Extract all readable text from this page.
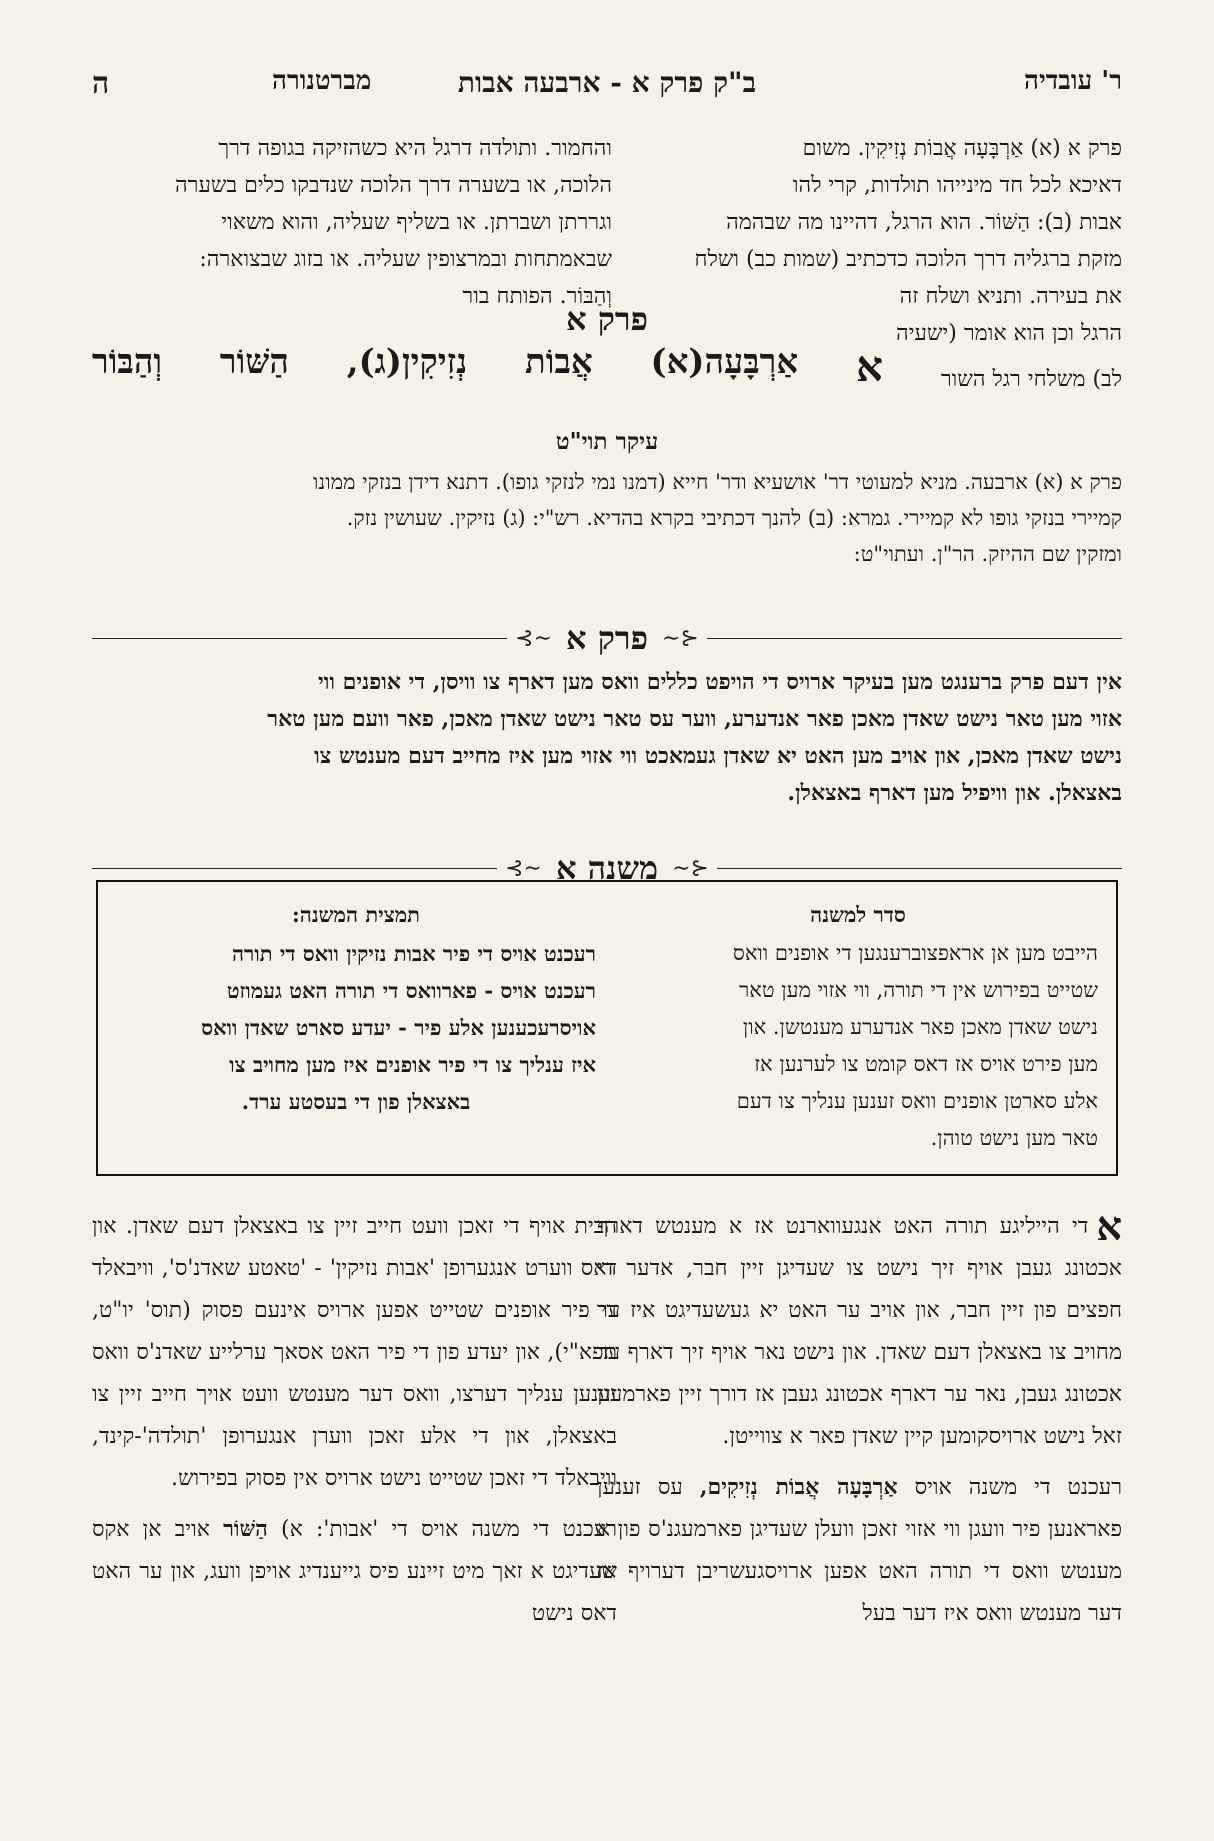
ר' עובדיה
ב"ק פרק א - ארבעה אבות
מברטנורה
ה

פרק א (א) אַרְבָּעָה אֲבוֹת נְזִיקִין. משום

דאיכא לכל חד מינייהו תולדות, קרי להו

אבות (ב): הַשּׁוֹר. הוא הרגל, דהיינו מה שבהמה

מזקת ברגליה דרך הלוכה כדכתיב (שמות כב) ושלח

את בעירה. ותניא ושלח זה

הרגל וכן הוא אומר (ישעיה

והחמור. ותולדה דרגל היא כשהזיקה בגופה דרך

הלוכה, או בשערה דרך הלוכה שנדבקו כלים בשערה

וגררתן ושברתן. או בשליף שעליה, והוא משאוי

שבאמתחות ובמרצופין שעליה. או בזוג שבצוארה:

וְהַבּוֹר. הפותח בור

פרק א
לב) משלחי רגל השור
א
אַרְבָּעָה(א)
אֲבוֹת
נְזִיקִין(ג),
הַשּׁוֹר
וְהַבּוֹר
עיקר תוי"ט

פרק א (א) ארבעה. מניא למעוטי דר' אושעיא ודר' חייא (דמנו נמי לנזקי גופו). דתנא דידן בנזקי ממונו

קמיירי בנזקי גופו לא קמיירי. גמרא: (ב) להנך דכתיבי בקרא בהדיא. רש"י: (ג) נזיקין. שעושין נזק.

ומזקין שם ההיזק. הר"ן. ועתוי"ט:

⊰∽
פרק א
∽⊱

אין דעם פרק ברענגט מען בעיקר ארויס די הויפט כללים וואס מען דארף צו וויסן, די אופנים ווי

אזוי מען טאר נישט שאדן מאכן פאר אנדערע, ווער עס טאר נישט שאדן מאכן, פאר וועם מען טאר

נישט שאדן מאכן, און אויב מען האט יא שאדן געמאכט ווי אזוי מען איז מחייב דעם מענטש צו

באצאלן. און וויפיל מען דארף באצאלן.

⊰∽
משנה א
∽⊱
סדר למשנה

הייבט מען אן אראפצוברענגען די אופנים וואס

שטייט בפירוש אין די תורה, ווי אזוי מען טאר

נישט שאדן מאכן פאר אנדערע מענטשן. און

מען פירט אויס אז דאס קומט צו לערנען אז

אלע סארטן אופנים וואס זענען ענליך צו דעם

טאר מען נישט טוהן.

תמצית המשנה:

רעכנט אויס די פיר אבות נזיקין וואס די תורה

רעכנט אויס - פארוואס די תורה האט געמוזט

אויסרעכענען אלע פיר - יעדע סארט שאדן וואס

איז ענליך צו די פיר אופנים איז מען מחויב צו

באצאלן פון די בעסטע ערד.

א
די הייליגע תורה האט אנגעווארנט אז א מענטש דארף אכטונג געבן אויף זיך נישט צו שעדיגן זיין חבר, אדער די חפצים פון זיין חבר, און אויב ער האט יא געשעדיגט איז ער מחויב צו באצאלן דעם שאדן. און נישט נאר אויף זיך דארף ער אכטונג געבן, נאר ער דארף אכטונג געבן אז דורך זיין פארמעגן זאל נישט ארויסקומען קיין שאדן פאר א צווייטן.

רעכנט די משנה אויס אַרְבָּעָה אֲבוֹת נְזִיקִים, עס זענען פאראנען פיר וועגן ווי אזוי זאכן וועלן שעדיגן פארמעגנ'ס פון א מענטש וואס די תורה האט אפען ארויסגעשריבן דערויף אז דער מענטש וואס איז דער בעל

הבית אויף די זאכן וועט חייב זיין צו באצאלן דעם שאדן. און דאס ווערט אנגערופן 'אבות נזיקין' - 'טאטע שאדנ'ס', וויבאלד די פיר אופנים שטייט אפען ארויס אינעם פסוק (תוס' יו"ט, תפא"י), און יעדע פון די פיר האט אסאך ערלייע שאדנ'ס וואס זענען ענליך דערצו, וואס דער מענטש וועט אויך חייב זיין צו באצאלן, און די אלע זאכן ווערן אנגערופן 'תולדה'-קינד, וויבאלד די זאכן שטייט נישט ארויס אין פסוק בפירוש.

רעכנט די משנה אויס די 'אבות': א) הַשּׁוֹר אויב אן אקס שעדיגט א זאך מיט זיינע פיס גייענדיג אויפן וועג, און ער האט דאס נישט
